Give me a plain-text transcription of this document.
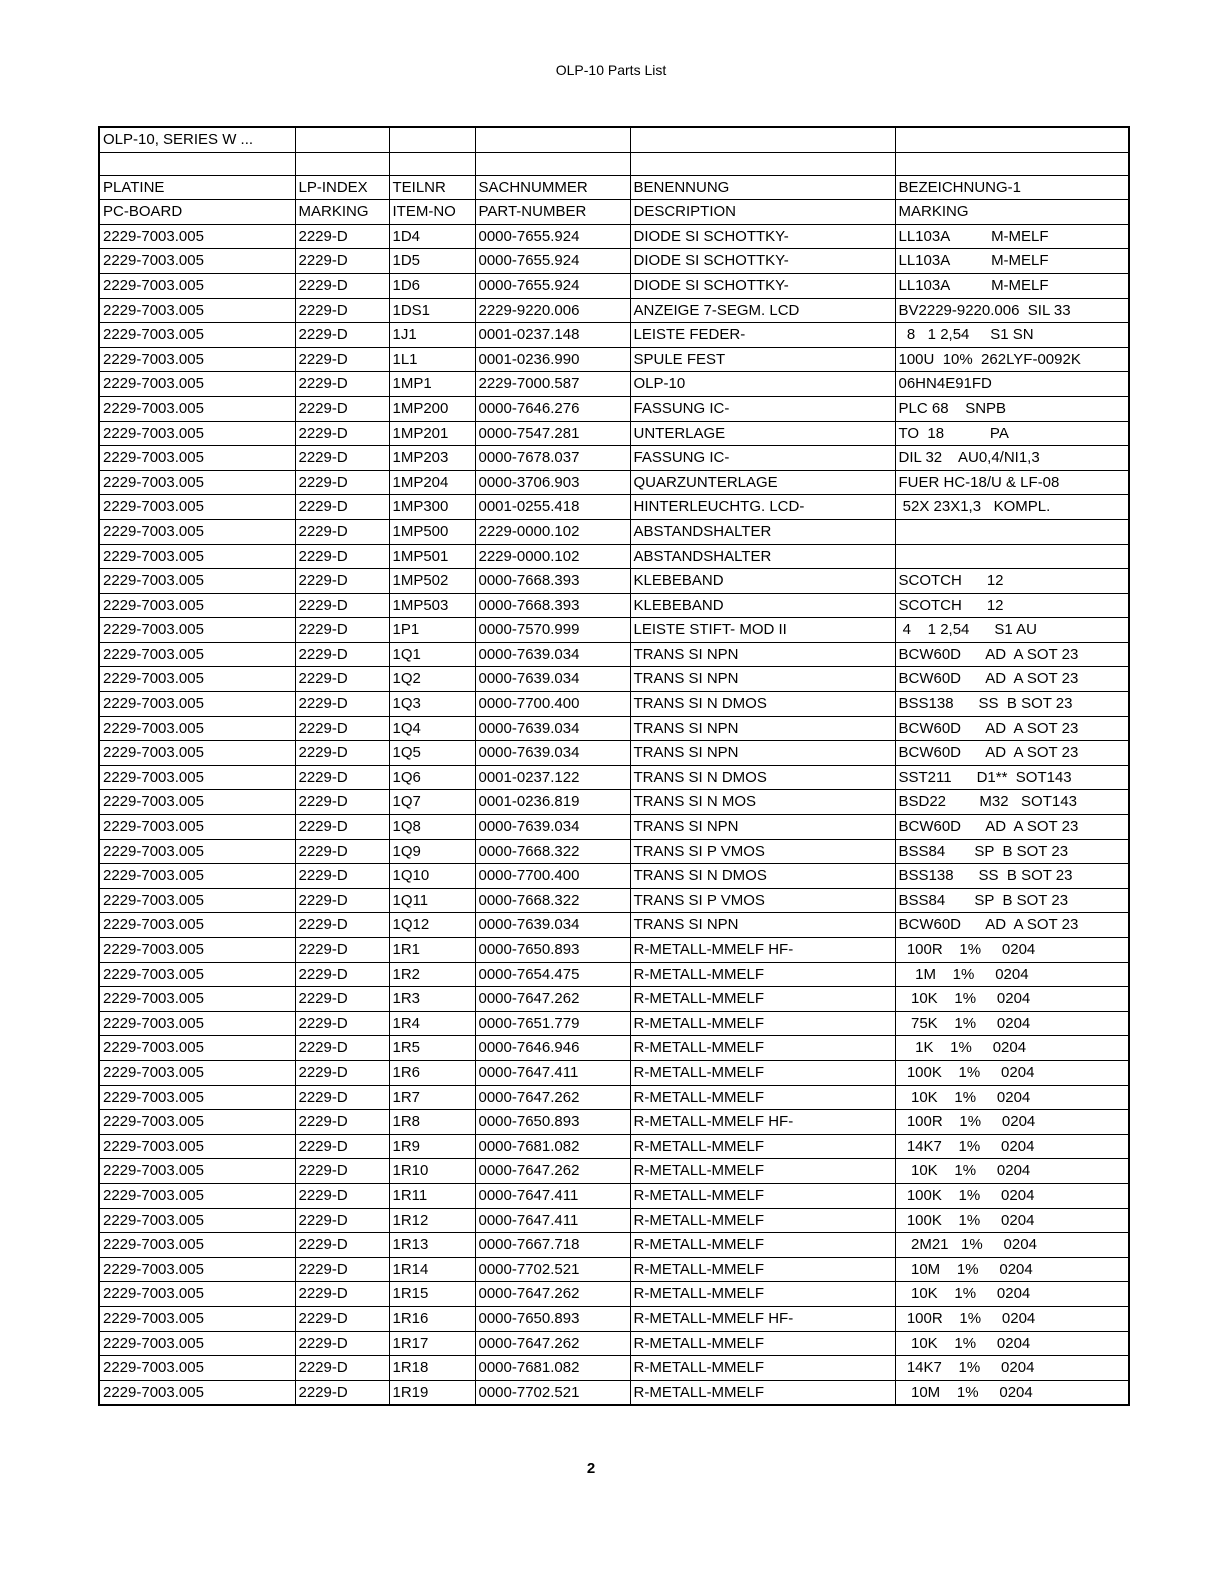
OLP-10 Parts List
OLP-10, SERIES W ...					

PLATINE	LP-INDEX	TEILNR	SACHNUMMER	BENENNUNG	BEZEICHNUNG-1
PC-BOARD	MARKING	ITEM-NO	PART-NUMBER	DESCRIPTION	MARKING
2229-7003.005	2229-D	1D4	0000-7655.924	DIODE SI SCHOTTKY-	LL103A          M-MELF
2229-7003.005	2229-D	1D5	0000-7655.924	DIODE SI SCHOTTKY-	LL103A          M-MELF
2229-7003.005	2229-D	1D6	0000-7655.924	DIODE SI SCHOTTKY-	LL103A          M-MELF
2229-7003.005	2229-D	1DS1	2229-9220.006	ANZEIGE 7-SEGM. LCD	BV2229-9220.006  SIL 33
2229-7003.005	2229-D	1J1	0001-0237.148	LEISTE FEDER-	8   1 2,54     S1 SN
2229-7003.005	2229-D	1L1	0001-0236.990	SPULE FEST	100U  10%  262LYF-0092K
2229-7003.005	2229-D	1MP1	2229-7000.587	OLP-10	06HN4E91FD
2229-7003.005	2229-D	1MP200	0000-7646.276	FASSUNG IC-	PLC 68    SNPB
2229-7003.005	2229-D	1MP201	0000-7547.281	UNTERLAGE	TO  18           PA
2229-7003.005	2229-D	1MP203	0000-7678.037	FASSUNG IC-	DIL 32    AU0,4/NI1,3
2229-7003.005	2229-D	1MP204	0000-3706.903	QUARZUNTERLAGE	FUER HC-18/U & LF-08
2229-7003.005	2229-D	1MP300	0001-0255.418	HINTERLEUCHTG. LCD-	52X 23X1,3   KOMPL.
2229-7003.005	2229-D	1MP500	2229-0000.102	ABSTANDSHALTER	
2229-7003.005	2229-D	1MP501	2229-0000.102	ABSTANDSHALTER	
2229-7003.005	2229-D	1MP502	0000-7668.393	KLEBEBAND	SCOTCH      12
2229-7003.005	2229-D	1MP503	0000-7668.393	KLEBEBAND	SCOTCH      12
2229-7003.005	2229-D	1P1	0000-7570.999	LEISTE STIFT- MOD II	4    1 2,54      S1 AU
2229-7003.005	2229-D	1Q1	0000-7639.034	TRANS SI NPN	BCW60D      AD  A SOT 23
2229-7003.005	2229-D	1Q2	0000-7639.034	TRANS SI NPN	BCW60D      AD  A SOT 23
2229-7003.005	2229-D	1Q3	0000-7700.400	TRANS SI N DMOS	BSS138      SS  B SOT 23
2229-7003.005	2229-D	1Q4	0000-7639.034	TRANS SI NPN	BCW60D      AD  A SOT 23
2229-7003.005	2229-D	1Q5	0000-7639.034	TRANS SI NPN	BCW60D      AD  A SOT 23
2229-7003.005	2229-D	1Q6	0001-0237.122	TRANS SI N DMOS	SST211      D1**  SOT143
2229-7003.005	2229-D	1Q7	0001-0236.819	TRANS SI N MOS	BSD22        M32   SOT143
2229-7003.005	2229-D	1Q8	0000-7639.034	TRANS SI NPN	BCW60D      AD  A SOT 23
2229-7003.005	2229-D	1Q9	0000-7668.322	TRANS SI P VMOS	BSS84       SP  B SOT 23
2229-7003.005	2229-D	1Q10	0000-7700.400	TRANS SI N DMOS	BSS138      SS  B SOT 23
2229-7003.005	2229-D	1Q11	0000-7668.322	TRANS SI P VMOS	BSS84       SP  B SOT 23
2229-7003.005	2229-D	1Q12	0000-7639.034	TRANS SI NPN	BCW60D      AD  A SOT 23
2229-7003.005	2229-D	1R1	0000-7650.893	R-METALL-MMELF HF-	100R    1%     0204
2229-7003.005	2229-D	1R2	0000-7654.475	R-METALL-MMELF	1M    1%     0204
2229-7003.005	2229-D	1R3	0000-7647.262	R-METALL-MMELF	10K    1%     0204
2229-7003.005	2229-D	1R4	0000-7651.779	R-METALL-MMELF	75K    1%     0204
2229-7003.005	2229-D	1R5	0000-7646.946	R-METALL-MMELF	1K    1%     0204
2229-7003.005	2229-D	1R6	0000-7647.411	R-METALL-MMELF	100K    1%     0204
2229-7003.005	2229-D	1R7	0000-7647.262	R-METALL-MMELF	10K    1%     0204
2229-7003.005	2229-D	1R8	0000-7650.893	R-METALL-MMELF HF-	100R    1%     0204
2229-7003.005	2229-D	1R9	0000-7681.082	R-METALL-MMELF	14K7    1%     0204
2229-7003.005	2229-D	1R10	0000-7647.262	R-METALL-MMELF	10K    1%     0204
2229-7003.005	2229-D	1R11	0000-7647.411	R-METALL-MMELF	100K    1%     0204
2229-7003.005	2229-D	1R12	0000-7647.411	R-METALL-MMELF	100K    1%     0204
2229-7003.005	2229-D	1R13	0000-7667.718	R-METALL-MMELF	2M21   1%     0204
2229-7003.005	2229-D	1R14	0000-7702.521	R-METALL-MMELF	10M    1%     0204
2229-7003.005	2229-D	1R15	0000-7647.262	R-METALL-MMELF	10K    1%     0204
2229-7003.005	2229-D	1R16	0000-7650.893	R-METALL-MMELF HF-	100R    1%     0204
2229-7003.005	2229-D	1R17	0000-7647.262	R-METALL-MMELF	10K    1%     0204
2229-7003.005	2229-D	1R18	0000-7681.082	R-METALL-MMELF	14K7    1%     0204
2229-7003.005	2229-D	1R19	0000-7702.521	R-METALL-MMELF	10M    1%     0204
2
